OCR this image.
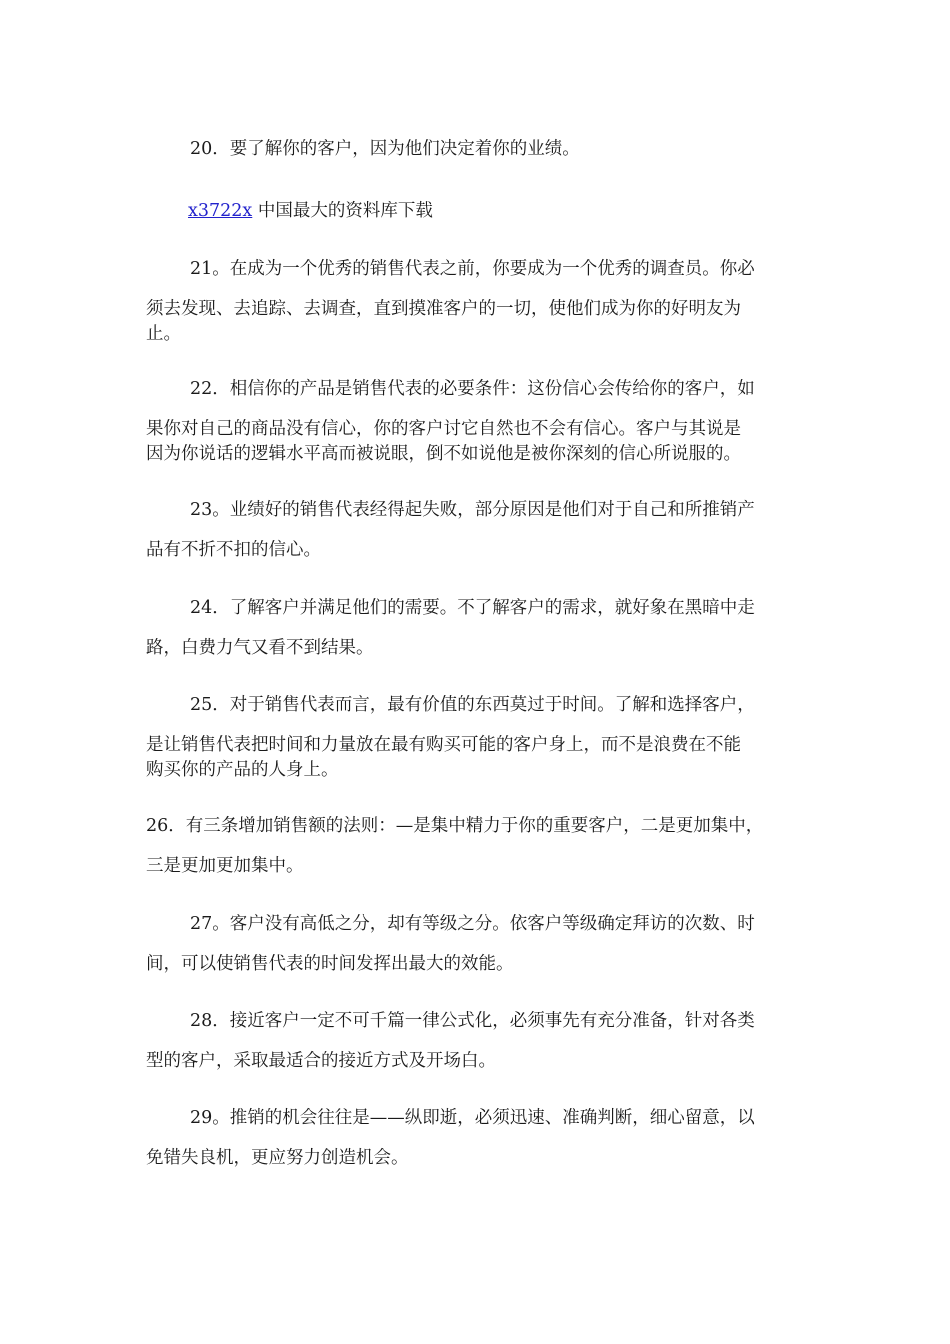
20．要了解你的客户，因为他们决定着你的业绩。

x3722x 中国最大的资料库下载

21。在成为一个优秀的销售代表之前，你要成为一个优秀的调查员。你必
须去发现、去追踪、去调查，直到摸准客户的一切，使他们成为你的好明友为
止。
22．相信你的产品是销售代表的必要条件：这份信心会传给你的客户，如
果你对自己的商品没有信心，你的客户讨它自然也不会有信心。客户与其说是
因为你说话的逻辑水平高而被说眼，倒不如说他是被你深刻的信心所说服的。
23。业绩好的销售代表经得起失败，部分原因是他们对于自己和所推销产
品有不折不扣的信心。
24．了解客户并满足他们的需要。不了解客户的需求，就好象在黑暗中走
路，白费力气又看不到结果。
25．对于销售代表而言，最有价值的东西莫过于时间。了解和选择客户，
是让销售代表把时间和力量放在最有购买可能的客户身上，而不是浪费在不能
购买你的产品的人身上。
26．有三条增加销售额的法则：—是集中精力于你的重要客户，二是更加集中，
三是更加更加集中。
27。客户没有高低之分，却有等级之分。依客户等级确定拜访的次数、时
间，可以使销售代表的时间发挥出最大的效能。
28．接近客户一定不可千篇一律公式化，必须事先有充分准备，针对各类
型的客户，采取最适合的接近方式及开场白。
29。推销的机会往往是——纵即逝，必须迅速、准确判断，细心留意，以
免错失良机，更应努力创造机会。
